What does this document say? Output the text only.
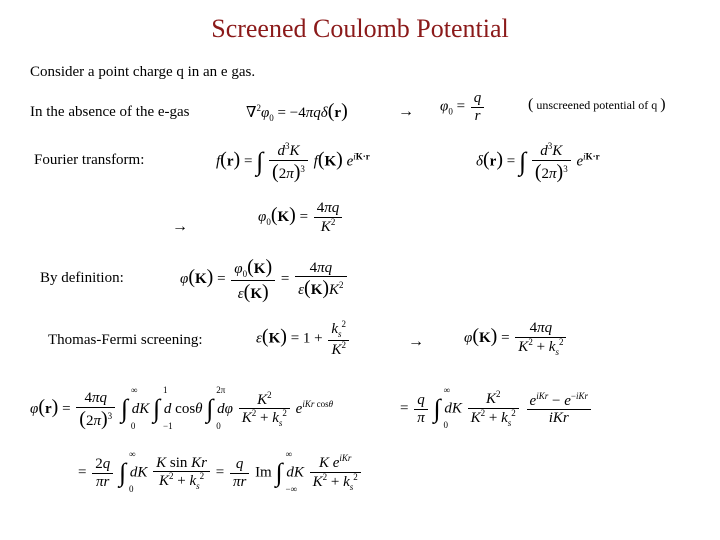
Screened Coulomb Potential
Consider a point charge q in an e gas.
In the absence of the e-gas	$\nabla^2\varphi_0 = -4\pi q\delta(r)$	→ $\varphi_0 = \frac{q}{r}$	( unscreened potential of q )
Fourier transform:	f(r) = ∫ $\frac{d^3K}{(2\pi)^3} f(K)$ $e^{iK\cdot r}$	δ(r) = ∫ $\frac{d^3K}{(2\pi)^3} e^{iK\cdot r}$
→
$\varphi_0(K) = \frac{4\pi q}{K^2}$
By definition:	$\varphi(K) = \frac{\varphi_0(K)}{\varepsilon(K)} = \frac{4\pi q}{\varepsilon(K)K^2}$
Thomas-Fermi screening:	$\varepsilon(K) = 1 + \frac{k_s^2}{K^2}$	→	$\varphi(K) = \frac{4\pi q}{K^2 + k_s^2}$
$\varphi(r) = \frac{4\pi q}{(2\pi)^3}$ ∫
∞
0
dK ∫
1
−1
d cosθ ∫
2π
0
dφ $\frac{K^2}{K^2 + k_s^2} e^{iKr cos\theta}$	= $\frac{q}{\pi}$ ∫
∞
0
dK $\frac{K^2}{K^2 + k_s^2}$
$\frac{e^{iKr} - e^{-iKr}}{\text{iKr}}$
= $\frac{2q}{\pi r}$ ∫
∞
0
dK $\frac{\text{K sin Kr}}{K^2 + k_s^2} = \frac{q}{\pi r}$ Im ∫
∞
−∞
dK $\frac{K e^{iKr}}{K^2 + k_s^2}$
